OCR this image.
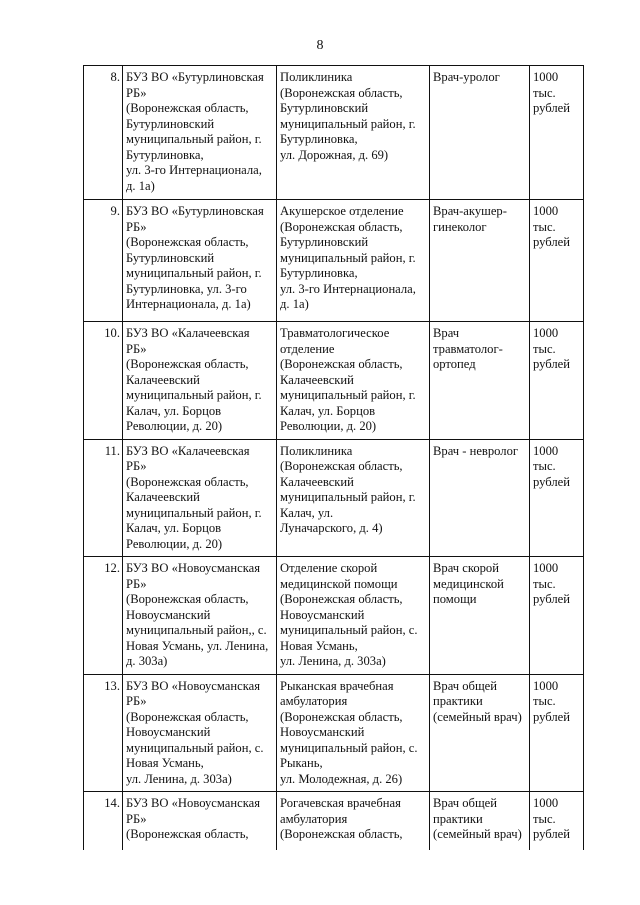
8
8.	БУЗ ВО «Бутурлиновская РБ»
(Воронежская область, Бутурлиновский муниципальный район, г. Бутурлиновка,
ул. 3-го Интернационала, д. 1а)	Поликлиника
(Воронежская область, Бутурлиновский муниципальный район, г. Бутурлиновка,
ул. Дорожная, д. 69)	Врач-уролог	1000 тыс. рублей
9.	БУЗ ВО «Бутурлиновская РБ»
(Воронежская область, Бутурлиновский муниципальный район, г. Бутурлиновка, ул. 3-го Интернационала, д. 1а)	Акушерское отделение (Воронежская область, Бутурлиновский муниципальный район, г. Бутурлиновка,
ул. 3-го Интернационала, д. 1а)	Врач-акушер-гинеколог	1000 тыс. рублей
10.	БУЗ ВО «Калачеевская РБ»
(Воронежская область, Калачеевский муниципальный район, г. Калач, ул. Борцов Революции, д. 20)	Травматологическое отделение
(Воронежская область, Калачеевский муниципальный район, г. Калач, ул. Борцов Революции, д. 20)	Врач травматолог-ортопед	1000 тыс. рублей
11.	БУЗ ВО «Калачеевская РБ»
(Воронежская область, Калачеевский муниципальный район, г. Калач, ул. Борцов Революции, д. 20)	Поликлиника
(Воронежская область, Калачеевский муниципальный район, г. Калач, ул.
Луначарского, д. 4)	Врач - невролог	1000 тыс. рублей
12.	БУЗ ВО «Новоусманская РБ»
(Воронежская область, Новоусманский муниципальный район,, с. Новая Усмань, ул. Ленина, д. 303а)	Отделение скорой медицинской помощи (Воронежская область, Новоусманский муниципальный район, с. Новая Усмань,
ул. Ленина, д. 303а)	Врач скорой медицинской помощи	1000 тыс. рублей
13.	БУЗ ВО «Новоусманская РБ»
(Воронежская область, Новоусманский муниципальный район, с. Новая Усмань,
ул. Ленина, д. 303а)	Рыканская врачебная амбулатория
(Воронежская область, Новоусманский муниципальный район, с. Рыкань,
ул. Молодежная, д. 26)	Врач общей практики (семейный врач)	1000 тыс. рублей
14.	БУЗ ВО «Новоусманская РБ»
(Воронежская область,	Рогачевская врачебная амбулатория
(Воронежская область,	Врач общей практики (семейный врач)	1000 тыс. рублей
